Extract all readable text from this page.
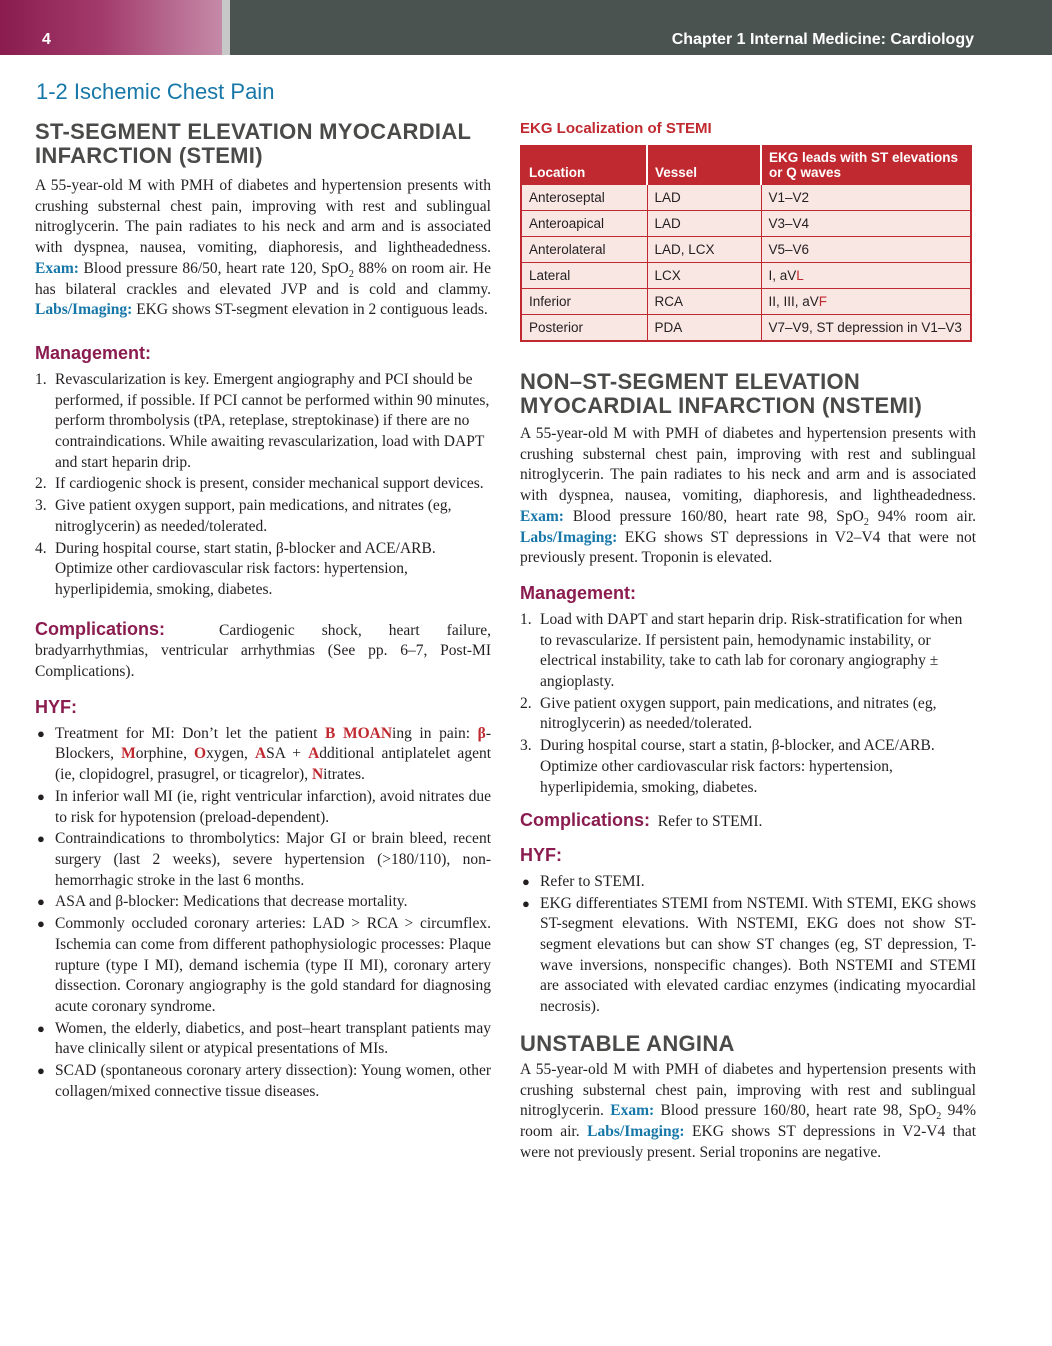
4	Chapter 1 Internal Medicine: Cardiology
1-2 Ischemic Chest Pain
ST-SEGMENT ELEVATION MYOCARDIAL
INFARCTION (STEMI)

A 55-year-old M with PMH of diabetes and hypertension presents with crushing substernal chest pain, improving with rest and sublingual nitroglycerin. The pain radiates to his neck and arm and is associated with dyspnea, nausea, vomiting, diaphoresis, and lightheadedness. Exam: Blood pressure 86/50, heart rate 120, SpO$_2$ 88% on room air. He has bilateral crackles and elevated JVP and is cold and clammy. Labs/Imaging: EKG shows ST-segment elevation in 2 contiguous leads.

Management:
1. Revascularization is key. Emergent angiography and PCI should be performed, if possible. If PCI cannot be performed within 90 minutes, perform thrombolysis (tPA, reteplase, streptokinase) if there are no contraindications. While awaiting revascularization, load with DAPT and start heparin drip.
2. If cardiogenic shock is present, consider mechanical support devices.
3. Give patient oxygen support, pain medications, and nitrates (eg, nitroglycerin) as needed/tolerated.
4. During hospital course, start statin, β-blocker and ACE/ARB. Optimize other cardiovascular risk factors: hypertension, hyperlipidemia, smoking, diabetes.

Complications:	Cardiogenic shock, heart failure, bradyarrhythmias, ventricular arrhythmias (See pp. 6–7, Post-MI Complications).

HYF:
● Treatment for MI: Don’t let the patient B MOANing in pain: β-Blockers, Morphine, Oxygen, ASA + Additional antiplatelet agent (ie, clopidogrel, prasugrel, or ticagrelor), Nitrates.
● In inferior wall MI (ie, right ventricular infarction), avoid nitrates due to risk for hypotension (preload-dependent).
● Contraindications to thrombolytics: Major GI or brain bleed, recent surgery (last 2 weeks), severe hypertension (>180/110), non-hemorrhagic stroke in the last 6 months.
● ASA and β-blocker: Medications that decrease mortality.
● Commonly occluded coronary arteries: LAD > RCA > circumflex. Ischemia can come from different pathophysiologic processes: Plaque rupture (type I MI), demand ischemia (type II MI), coronary artery dissection. Coronary angiography is the gold standard for diagnosing acute coronary syndrome.
● Women, the elderly, diabetics, and post–heart transplant patients may have clinically silent or atypical presentations of MIs.
● SCAD (spontaneous coronary artery dissection): Young women, other collagen/mixed connective tissue diseases.
EKG Localization of STEMI
Location	Vessel	EKG leads with ST elevations or Q waves
Anteroseptal	LAD	V1–V2
Anteroapical	LAD	V3–V4
Anterolateral	LAD, LCX	V5–V6
Lateral	LCX	I, aVL
Inferior	RCA	II, III, aVF
Posterior	PDA	V7–V9, ST depression in V1–V3
NON–ST-SEGMENT ELEVATION
MYOCARDIAL INFARCTION (NSTEMI)

A 55-year-old M with PMH of diabetes and hypertension presents with crushing substernal chest pain, improving with rest and sublingual nitroglycerin. The pain radiates to his neck and arm and is associated with dyspnea, nausea, vomiting, diaphoresis, and lightheadedness. Exam: Blood pressure 160/80, heart rate 98, SpO$_2$ 94% room air. Labs/Imaging: EKG shows ST depressions in V2–V4 that were not previously present. Troponin is elevated.

Management:
1. Load with DAPT and start heparin drip. Risk-stratification for when to revascularize. If persistent pain, hemodynamic instability, or electrical instability, take to cath lab for coronary angiography ± angioplasty.
2. Give patient oxygen support, pain medications, and nitrates (eg, nitroglycerin) as needed/tolerated.
3. During hospital course, start a statin, β-blocker, and ACE/ARB. Optimize other cardiovascular risk factors: hypertension, hyperlipidemia, smoking, diabetes.

Complications: Refer to STEMI.

HYF:
● Refer to STEMI.
● EKG differentiates STEMI from NSTEMI. With STEMI, EKG shows ST-segment elevations. With NSTEMI, EKG does not show ST-segment elevations but can show ST changes (eg, ST depression, T-wave inversions, nonspecific changes). Both NSTEMI and STEMI are associated with elevated cardiac enzymes (indicating myocardial necrosis).
UNSTABLE ANGINA

A 55-year-old M with PMH of diabetes and hypertension presents with crushing substernal chest pain, improving with rest and sublingual nitroglycerin. Exam: Blood pressure 160/80, heart rate 98, SpO$_2$ 94% room air. Labs/Imaging: EKG shows ST depressions in V2-V4 that were not previously present. Serial troponins are negative.
